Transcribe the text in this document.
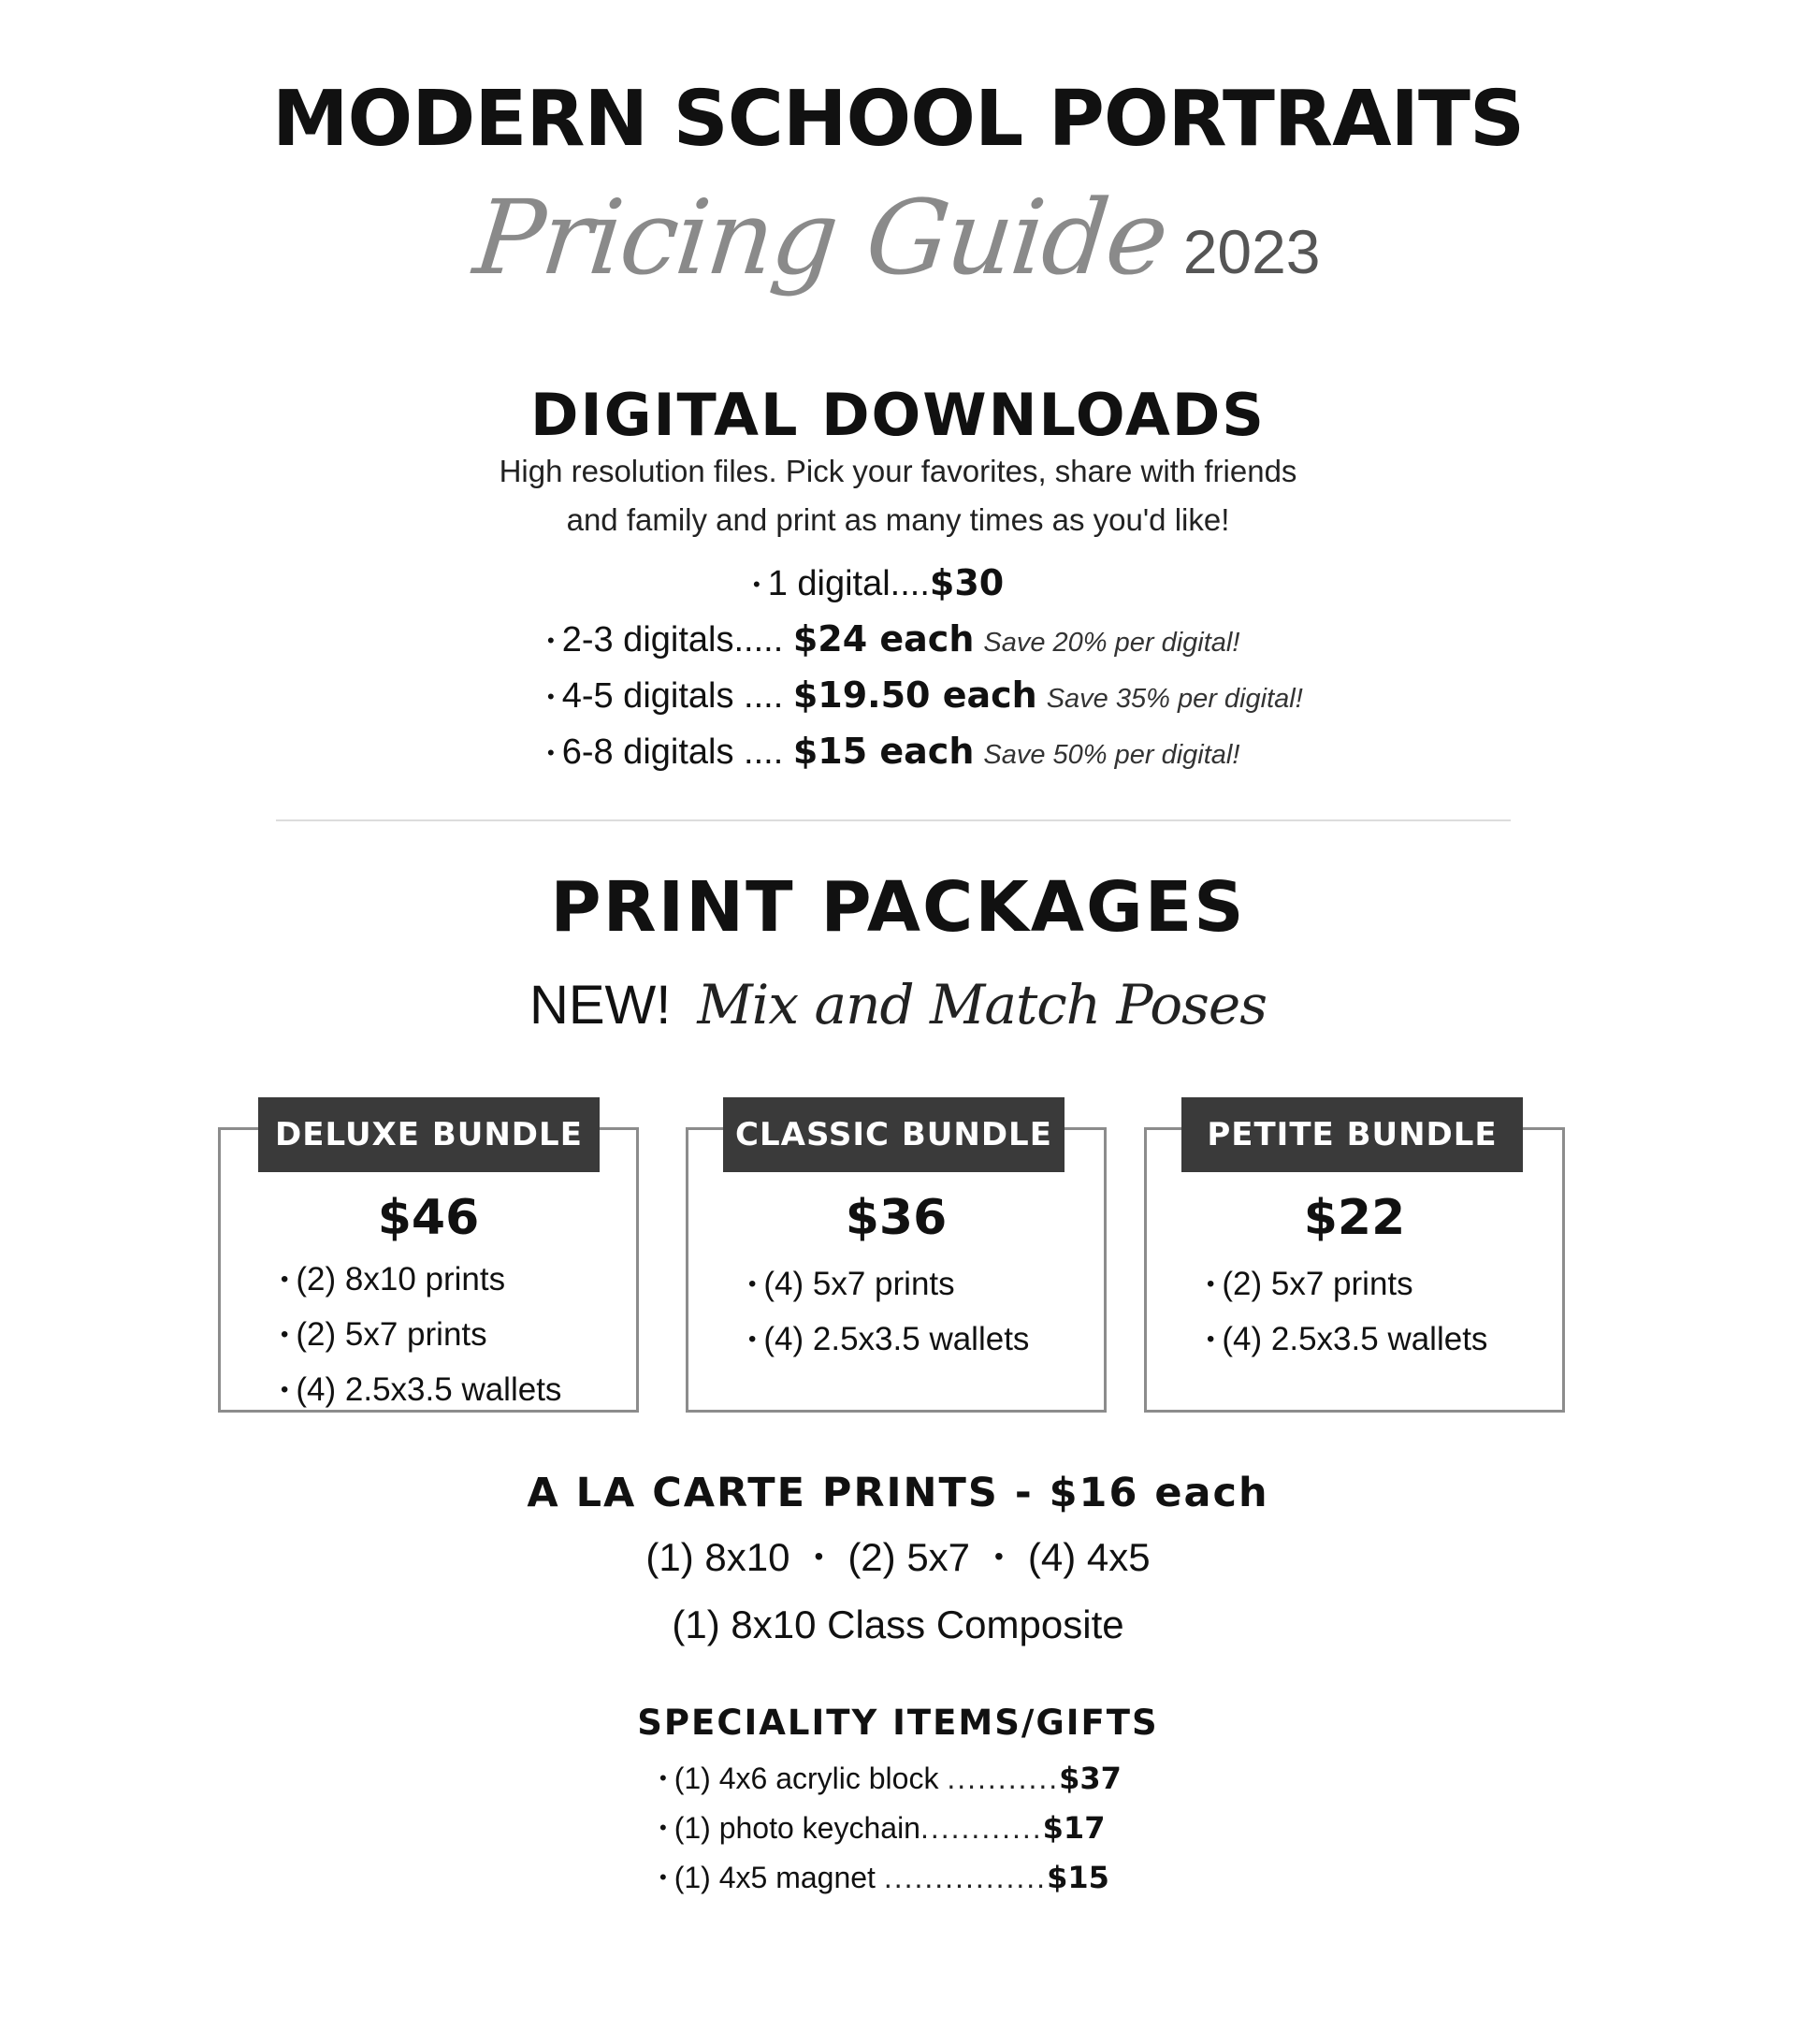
MODERN SCHOOL PORTRAITS
Pricing Guide 2023
DIGITAL DOWNLOADS
High resolution files. Pick your favorites, share with friends
and family and print as many times as you'd like!
• 1 digital....$30
• 2-3 digitals..... $24 each Save 20% per digital!
• 4-5 digitals .... $19.50 each Save 35% per digital!
• 6-8 digitals .... $15 each Save 50% per digital!
PRINT PACKAGES
NEW! Mix and Match Poses
DELUXE BUNDLE
$46
• (2) 8x10 prints
• (2) 5x7 prints
• (4) 2.5x3.5 wallets
CLASSIC BUNDLE
$36
• (4) 5x7 prints
• (4) 2.5x3.5 wallets
PETITE BUNDLE
$22
• (2) 5x7 prints
• (4) 2.5x3.5 wallets
A LA CARTE PRINTS - $16 each
(1) 8x10 • (2) 5x7 • (4) 4x5
(1) 8x10 Class Composite
SPECIALITY ITEMS/GIFTS
• (1) 4x6 acrylic block ...........$37
• (1) photo keychain............$17
• (1) 4x5 magnet ................$15
